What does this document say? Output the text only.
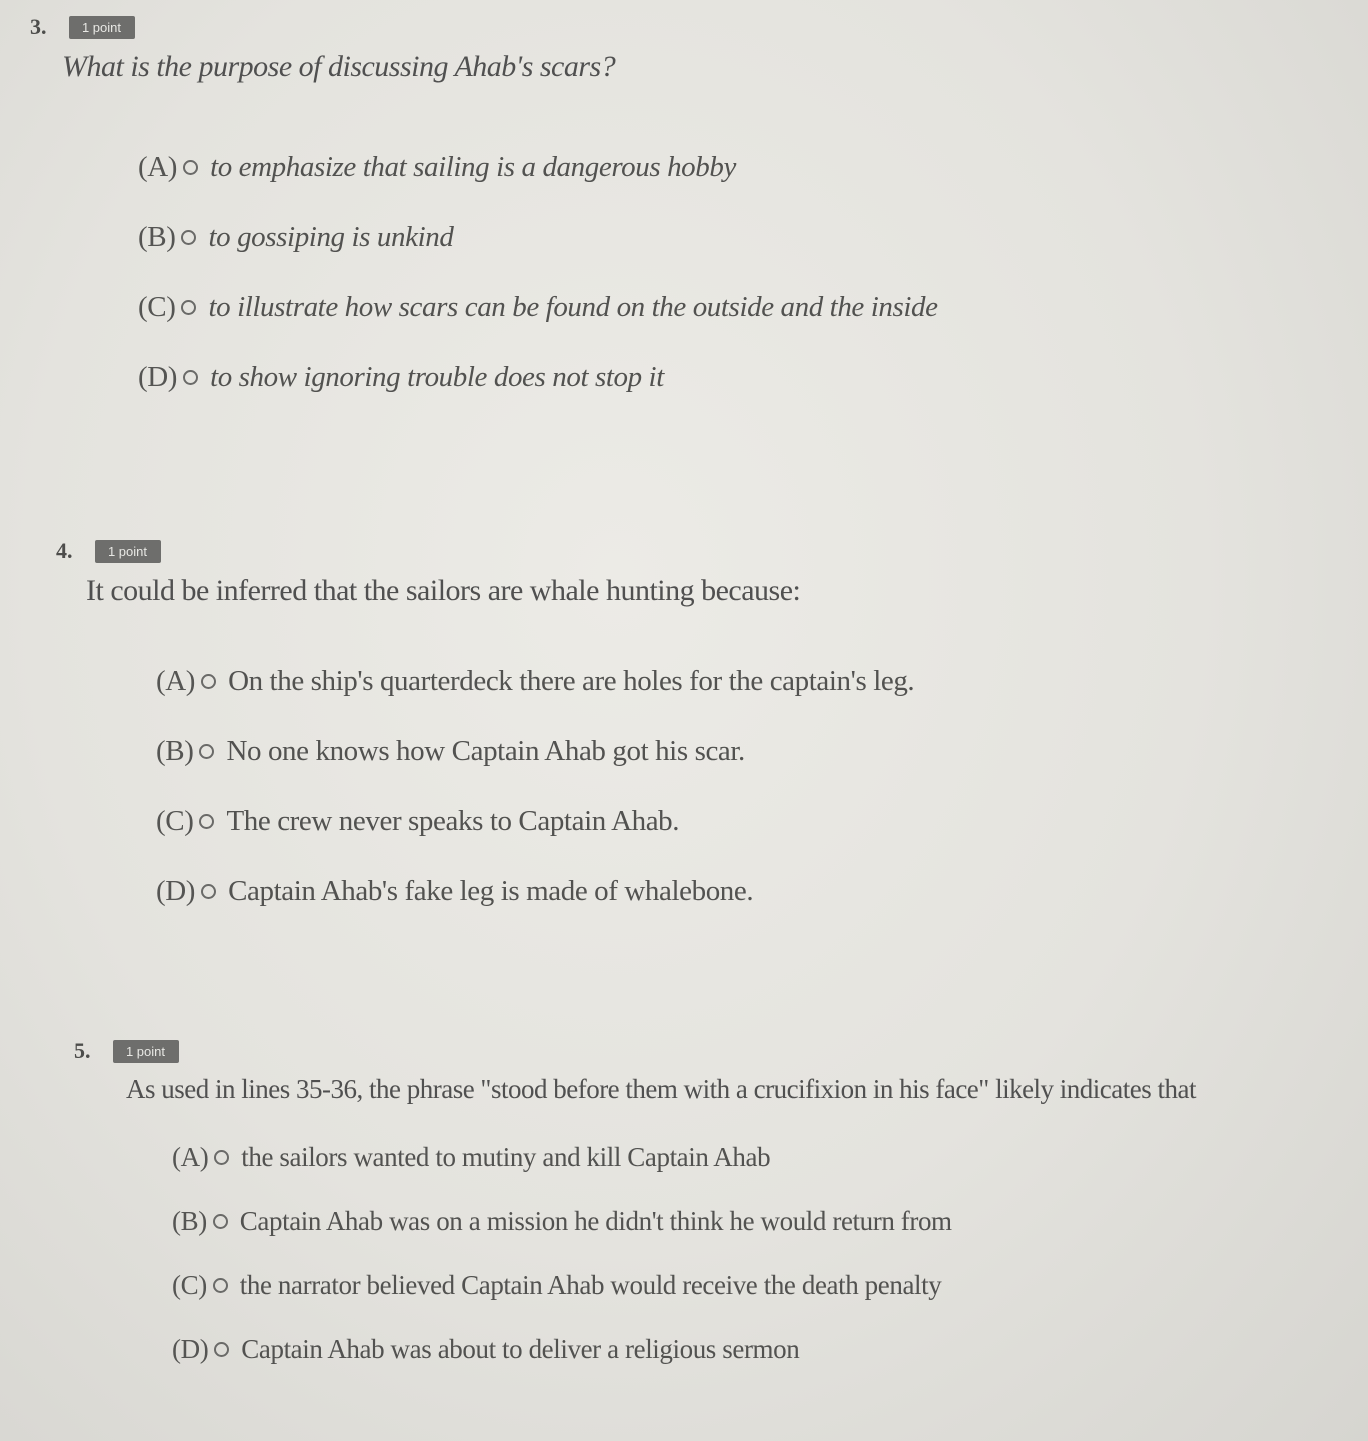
3.	1 point
What is the purpose of discussing Ahab's scars?
(A) to emphasize that sailing is a dangerous hobby
(B) to gossiping is unkind
(C) to illustrate how scars can be found on the outside and the inside
(D) to show ignoring trouble does not stop it
4.	1 point
It could be inferred that the sailors are whale hunting because:
(A) On the ship's quarterdeck there are holes for the captain's leg.
(B) No one knows how Captain Ahab got his scar.
(C) The crew never speaks to Captain Ahab.
(D) Captain Ahab's fake leg is made of whalebone.
5.	1 point
As used in lines 35-36, the phrase "stood before them with a crucifixion in his face" likely indicates that
(A) the sailors wanted to mutiny and kill Captain Ahab
(B) Captain Ahab was on a mission he didn't think he would return from
(C) the narrator believed Captain Ahab would receive the death penalty
(D) Captain Ahab was about to deliver a religious sermon
